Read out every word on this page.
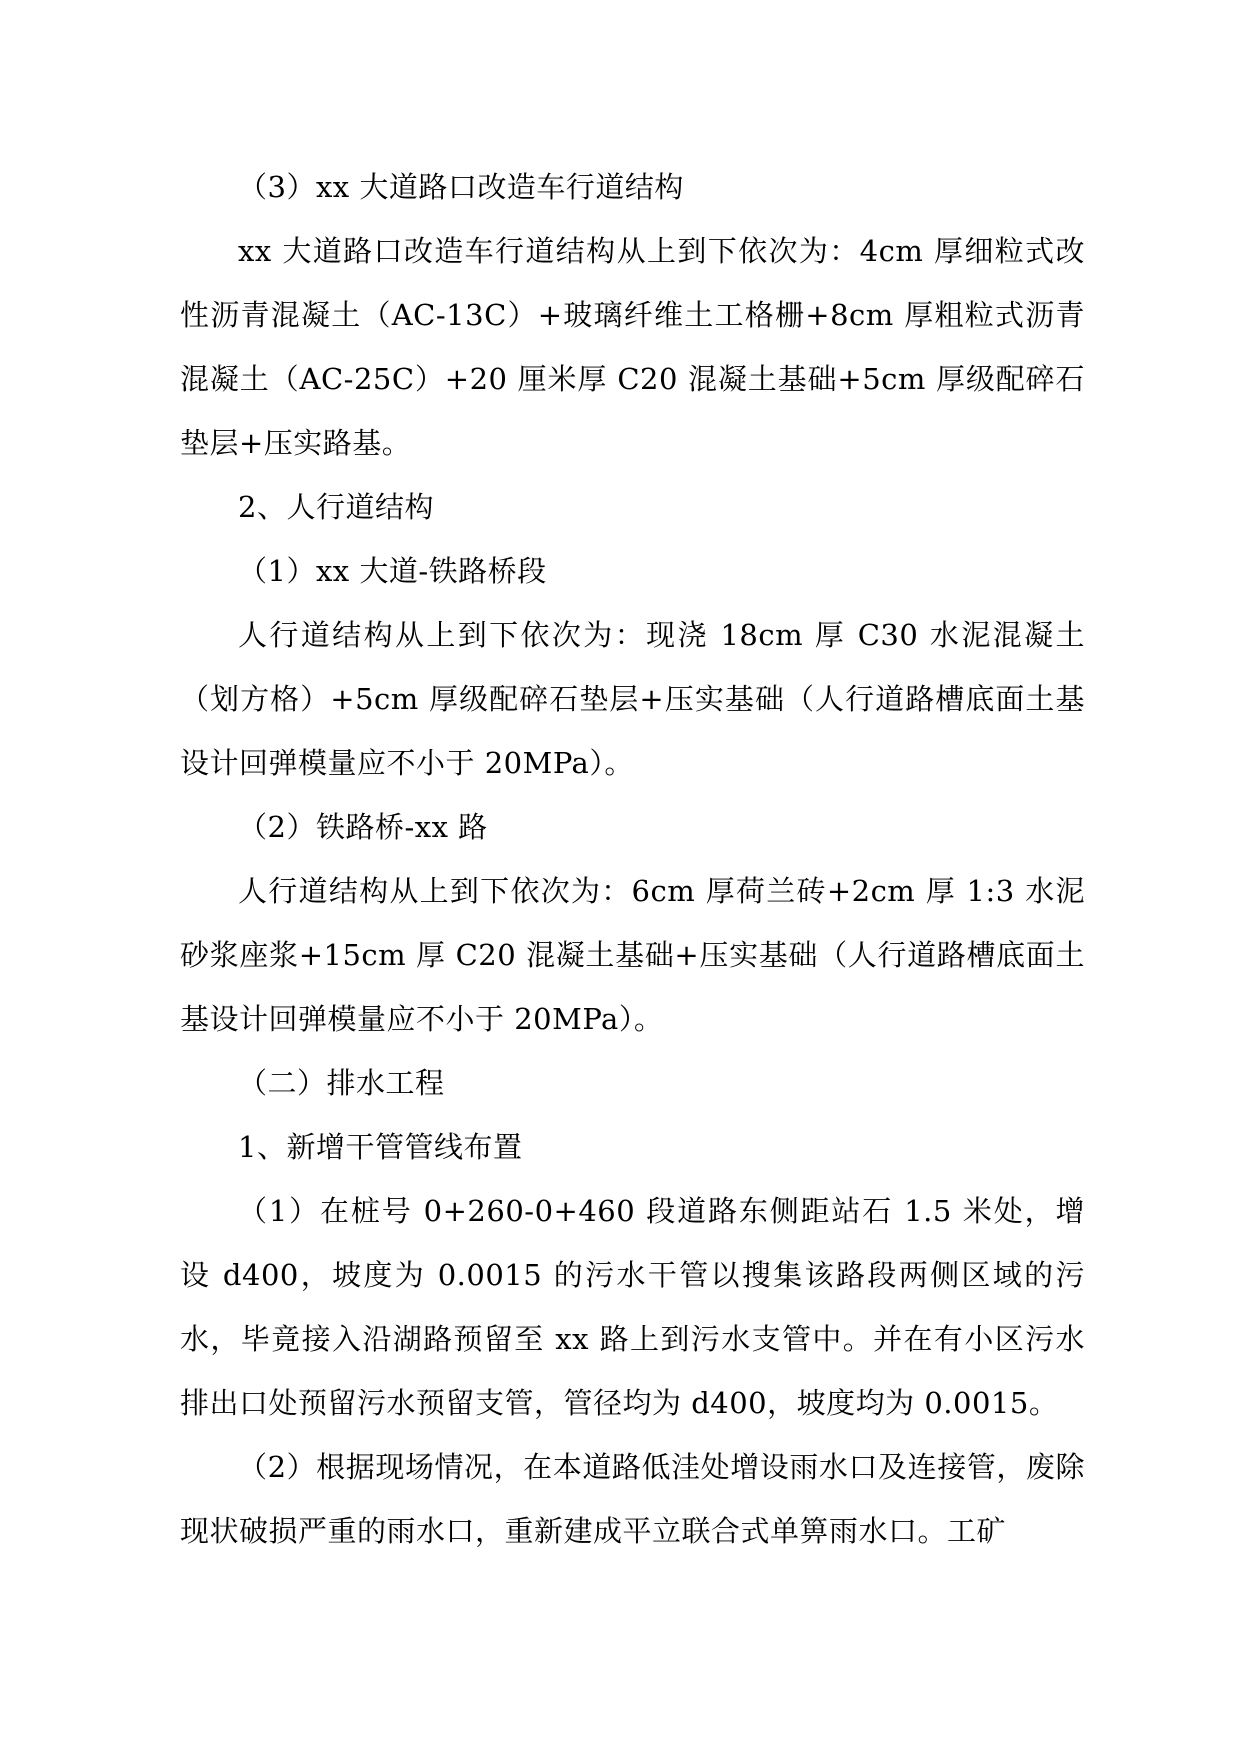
（3）xx 大道路口改造车行道结构

xx 大道路口改造车行道结构从上到下依次为：4cm 厚细粒式改性沥青混凝土（AC-13C）+玻璃纤维土工格栅+8cm 厚粗粒式沥青混凝土（AC-25C）+20 厘米厚 C20 混凝土基础+5cm 厚级配碎石垫层+压实路基。

2、人行道结构

（1）xx 大道-铁路桥段

人行道结构从上到下依次为：现浇 18cm 厚 C30 水泥混凝土（划方格）+5cm 厚级配碎石垫层+压实基础（人行道路槽底面土基设计回弹模量应不小于 20MPa）。

（2）铁路桥-xx 路

人行道结构从上到下依次为：6cm 厚荷兰砖+2cm 厚 1:3 水泥砂浆座浆+15cm 厚 C20 混凝土基础+压实基础（人行道路槽底面土基设计回弹模量应不小于 20MPa）。

（二）排水工程

1、新增干管管线布置

（1）在桩号 0+260-0+460 段道路东侧距站石 1.5 米处，增设 d400，坡度为 0.0015 的污水干管以搜集该路段两侧区域的污水，毕竟接入沿湖路预留至 xx 路上到污水支管中。并在有小区污水排出口处预留污水预留支管，管径均为 d400，坡度均为 0.0015。

（2）根据现场情况，在本道路低洼处增设雨水口及连接管，废除现状破损严重的雨水口，重新建成平立联合式单箅雨水口。工矿
